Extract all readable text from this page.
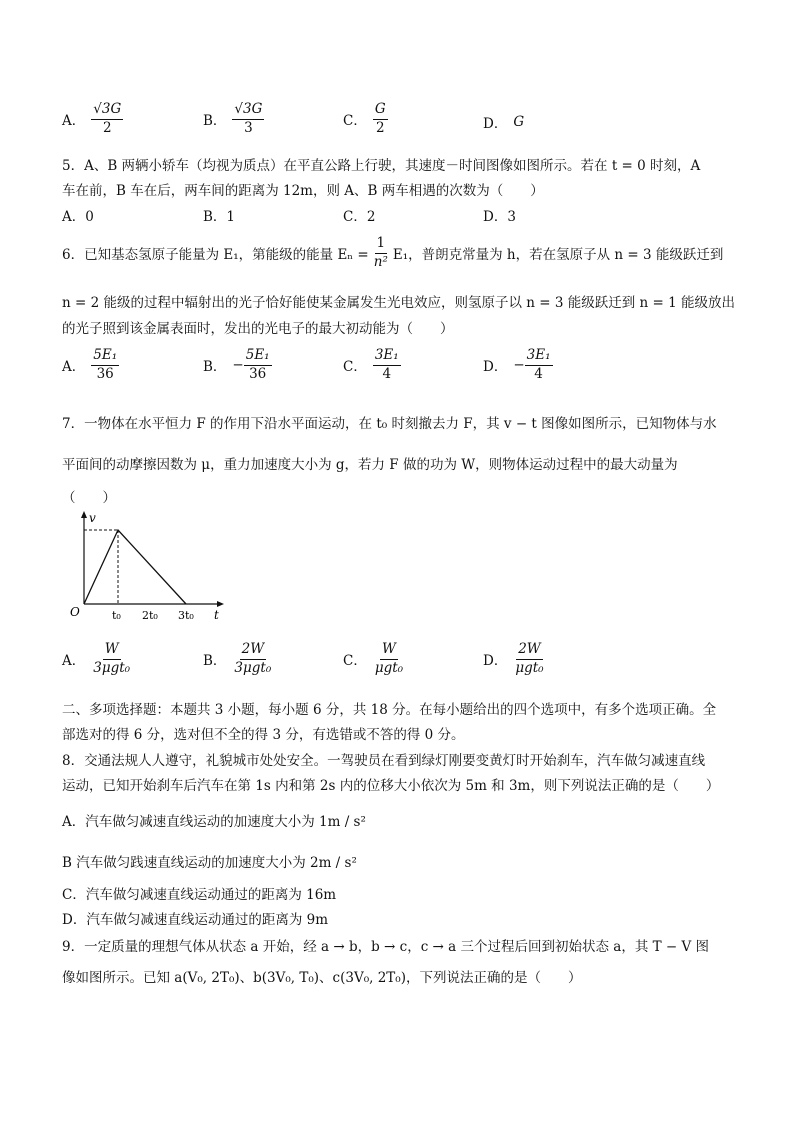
A． $\frac{√3G}{2}$	B． $\frac{√3G}{3}$	C． $\frac{G}{2}$	D． G
5．A、B 两辆小轿车（均视为质点）在平直公路上行驶，其速度－时间图像如图所示。若在 t = 0 时刻，A
车在前，B 车在后，两车间的距离为 12m，则 A、B 两车相遇的次数为（　　）
A．0	B．1	C．2	D．3
6．已知基态氢原子能量为 E₁，第能级的能量 $E_n = \frac{1}{\text{n²}} E_1$，普朗克常量为 h，若在氢原子从 n = 3 能级跃迁到
n = 2 能级的过程中辐射出的光子恰好能使某金属发生光电效应，则氢原子以 n = 3 能级跃迁到 n = 1 能级放出
的光子照到该金属表面时，发出的光电子的最大初动能为（　　）
A． $\frac{\text{5E₁}}{36}$	B． − $\frac{\text{5E₁}}{36}$	C． $\frac{\text{3E₁}}{4}$	D． − $\frac{\text{3E₁}}{4}$
7．一物体在水平恒力 F 的作用下沿水平面运动，在 t₀ 时刻撤去力 F，其 v − t 图像如图所示，已知物体与水
平面间的动摩擦因数为 μ，重力加速度大小为 g，若力 F 做的功为 W，则物体运动过程中的最大动量为
（　　）
v
O	t
t₀ 2t₀ 3t₀
A． $\frac{W}{\text{3μgt₀}}$	B． $\frac{2W}{\text{3μgt₀}}$	C． $\frac{W}{\text{μgt₀}}$	D． $\frac{2W}{\text{μgt₀}}$
二、多项选择题：本题共 3 小题，每小题 6 分，共 18 分。在每小题给出的四个选项中，有多个选项正确。全
部选对的得 6 分，选对但不全的得 3 分，有选错或不答的得 0 分。
8．交通法规人人遵守，礼貌城市处处安全。一驾驶员在看到绿灯刚要变黄灯时开始刹车，汽车做匀减速直线
运动，已知开始刹车后汽车在第 1s 内和第 2s 内的位移大小依次为 5m 和 3m，则下列说法正确的是（　　）
A．汽车做匀减速直线运动的加速度大小为 1m / s²
B 汽车做匀践速直线运动的加速度大小为 2m / s²
C．汽车做匀减速直线运动通过的距离为 16m
D．汽车做匀减速直线运动通过的距离为 9m
9．一定质量的理想气体从状态 a 开始，经 a → b，b → c，c → a 三个过程后回到初始状态 a，其 T − V 图
像如图所示。已知 a(V₀, 2T₀)、b(3V₀, T₀)、c(3V₀, 2T₀)，下列说法正确的是（　　）
